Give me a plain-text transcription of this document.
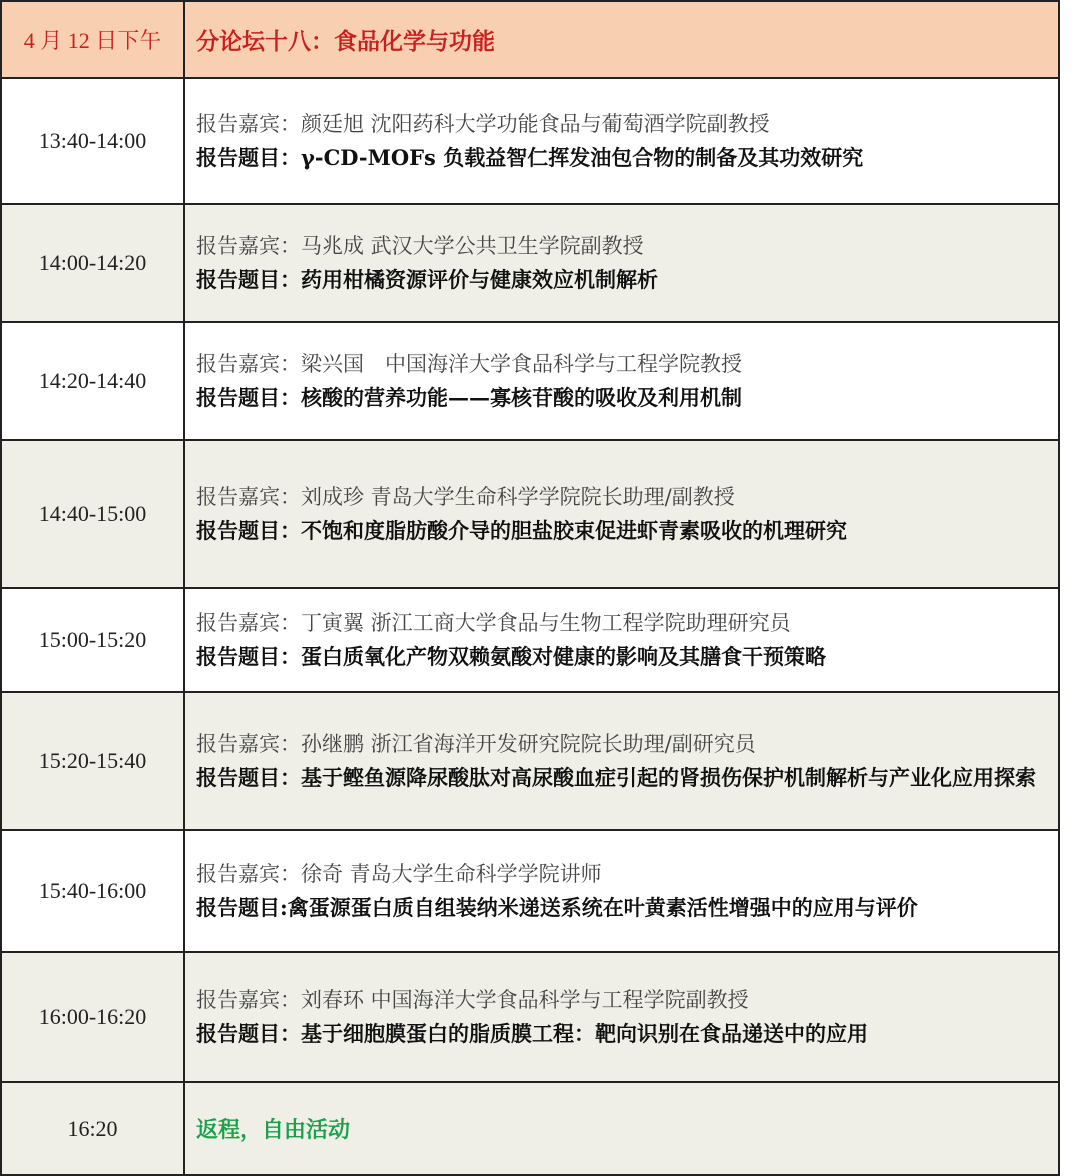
4 月 12 日下午	分论坛十八：食品化学与功能
13:40-14:00	报告嘉宾：颜廷旭 沈阳药科大学功能食品与葡萄酒学院副教授
报告题目：γ-CD-MOFs 负载益智仁挥发油包合物的制备及其功效研究

14:00-14:20	报告嘉宾：马兆成 武汉大学公共卫生学院副教授
报告题目：药用柑橘资源评价与健康效应机制解析

14:20-14:40	报告嘉宾：梁兴国　中国海洋大学食品科学与工程学院教授
报告题目：核酸的营养功能——寡核苷酸的吸收及利用机制

14:40-15:00	报告嘉宾：刘成珍 青岛大学生命科学学院院长助理/副教授
报告题目：不饱和度脂肪酸介导的胆盐胶束促进虾青素吸收的机理研究

15:00-15:20	报告嘉宾：丁寅翼 浙江工商大学食品与生物工程学院助理研究员
报告题目：蛋白质氧化产物双赖氨酸对健康的影响及其膳食干预策略

15:20-15:40	报告嘉宾：孙继鹏 浙江省海洋开发研究院院长助理/副研究员
报告题目：基于鲣鱼源降尿酸肽对高尿酸血症引起的肾损伤保护机制解析与产业化应用探索

15:40-16:00	报告嘉宾：徐奇 青岛大学生命科学学院讲师
报告题目:禽蛋源蛋白质自组装纳米递送系统在叶黄素活性增强中的应用与评价

16:00-16:20	报告嘉宾：刘春环 中国海洋大学食品科学与工程学院副教授
报告题目：基于细胞膜蛋白的脂质膜工程：靶向识别在食品递送中的应用

16:20	返程，自由活动
